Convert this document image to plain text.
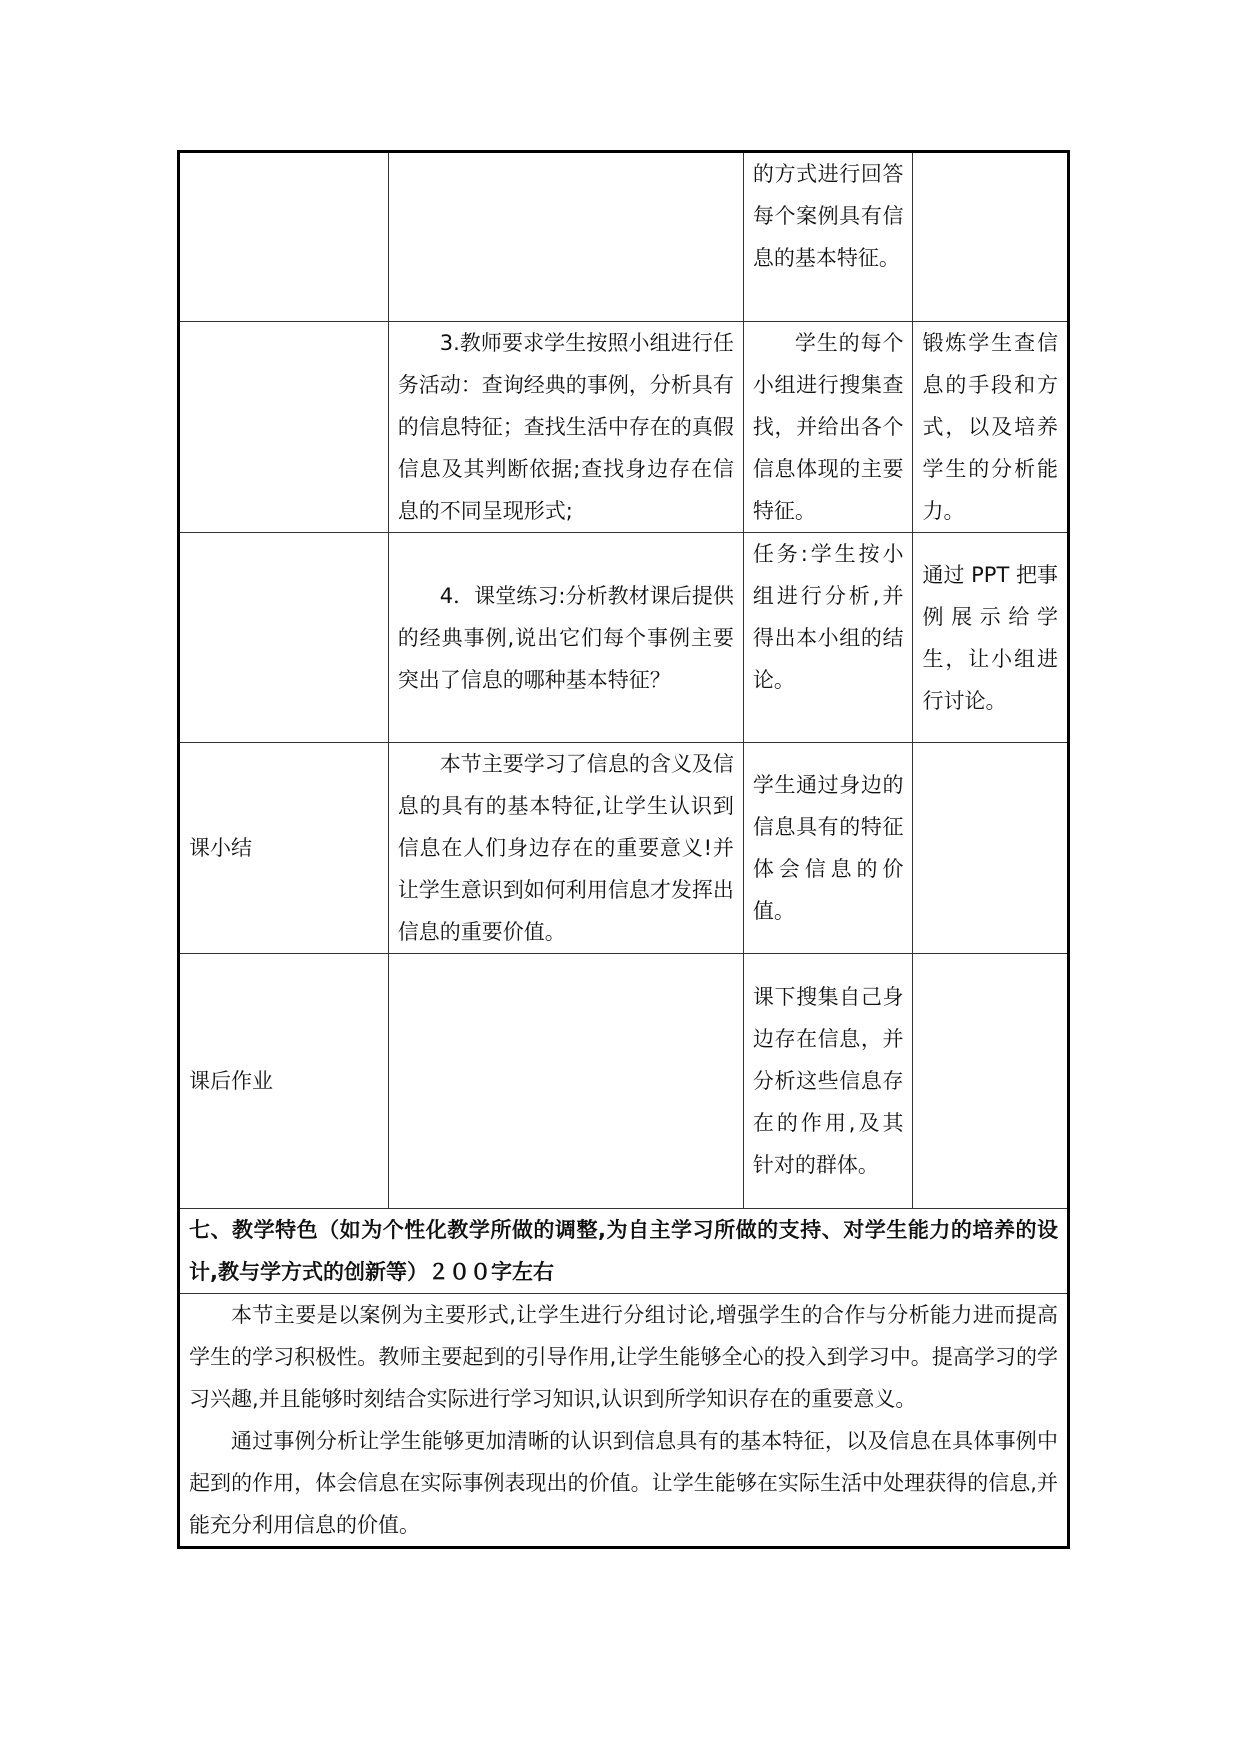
		的方式进行回答每个案例具有信息的基本特征。	

	3.教师要求学生按照小组进行任务活动：查询经典的事例，分析具有的信息特征；查找生活中存在的真假信息及其判断依据;查找身边存在信息的不同呈现形式;	学生的每个小组进行搜集查找，并给出各个信息体现的主要特征。	锻炼学生查信息的手段和方式，以及培养学生的分析能力。

	4．课堂练习:分析教材课后提供的经典事例,说出它们每个事例主要突出了信息的哪种基本特征？	任务:学生按小组进行分析,并得出本小组的结论。	通过 PPT 把事例展示给学生，让小组进行讨论。

课小结	本节主要学习了信息的含义及信息的具有的基本特征,让学生认识到信息在人们身边存在的重要意义!并让学生意识到如何利用信息才发挥出信息的重要价值。	学生通过身边的信息具有的特征体会信息的价值。	

课后作业		课下搜集自己身边存在信息，并分析这些信息存在的作用,及其针对的群体。	

七、教学特色（如为个性化教学所做的调整,为自主学习所做的支持、对学生能力的培养的设计,教与学方式的创新等）２００字左右			

本节主要是以案例为主要形式,让学生进行分组讨论,增强学生的合作与分析能力进而提高学生的学习积极性。教师主要起到的引导作用,让学生能够全心的投入到学习中。提高学习的学习兴趣,并且能够时刻结合实际进行学习知识,认识到所学知识存在的重要意义。

通过事例分析让学生能够更加清晰的认识到信息具有的基本特征，以及信息在具体事例中起到的作用，体会信息在实际事例表现出的价值。让学生能够在实际生活中处理获得的信息,并能充分利用信息的价值。			
